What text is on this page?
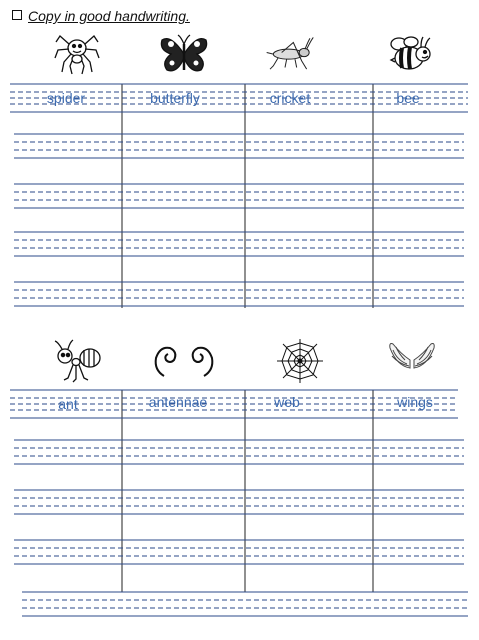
Copy in good handwriting.
spider	butterfly	cricket	bee
ant	antennae	web	wings
